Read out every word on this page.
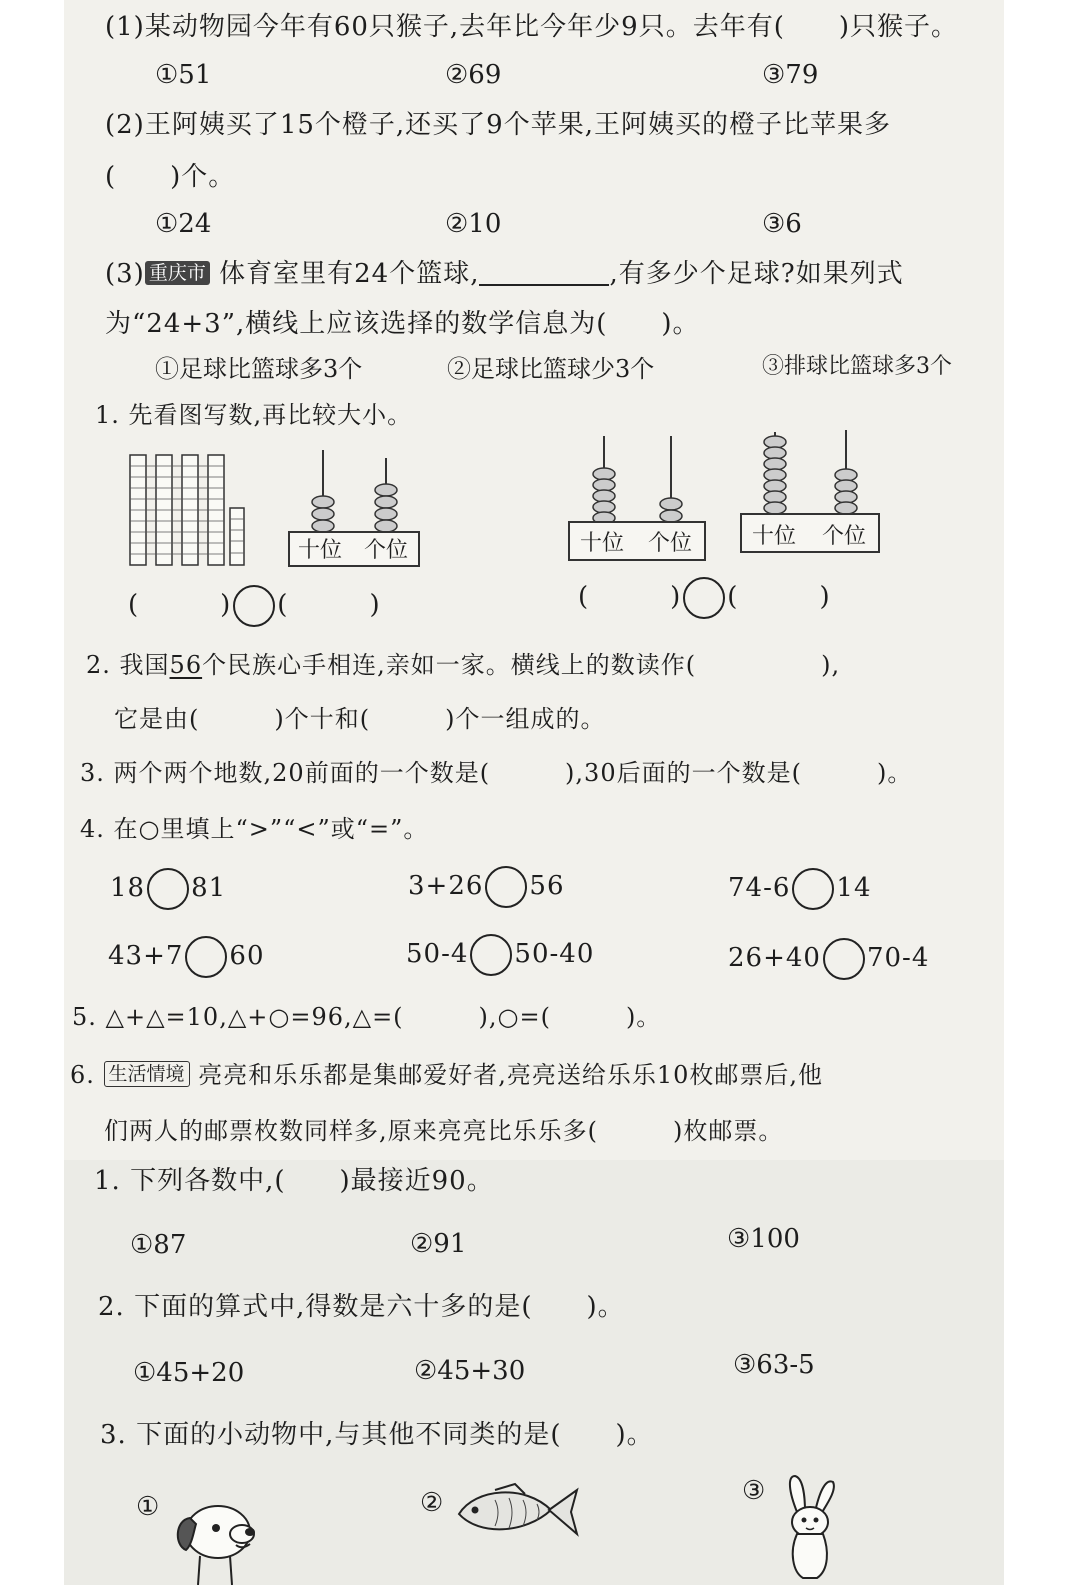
(1)某动物园今年有60只猴子,去年比今年少9只。去年有(　　)只猴子。
①51	②69	③79
(2)王阿姨买了15个橙子,还买了9个苹果,王阿姨买的橙子比苹果多
(　　)个。
①24	②10	③6
(3) 重庆市 体育室里有24个篮球,	,有多少个足球?如果列式
为“24+3”,横线上应该选择的数学信息为(　　)。
①足球比篮球多3个	②足球比篮球少3个	③排球比篮球多3个
1. 先看图写数,再比较大小。
十位 个位	十位 个位	十位 个位
(　　　) (　　　)	(　　　) (　　　)
2. 我国56个民族心手相连,亲如一家。横线上的数读作(　　　　　),
它是由(　　　)个十和(　　　)个一组成的。
3. 两个两个地数,20前面的一个数是(　　　),30后面的一个数是(　　　)。
4. 在○里填上“>”“<”或“=”。
18 81	3+26 56	74-6 14
43+7 60	50-4 50-40	26+40 70-4
5. △+△=10,△+○=96,△=(　　　),○=(　　　)。
6. 生活情境 亮亮和乐乐都是集邮爱好者,亮亮送给乐乐10枚邮票后,他
们两人的邮票枚数同样多,原来亮亮比乐乐多(　　　)枚邮票。
1. 下列各数中,(　　)最接近90。
①87	②91	③100
2. 下面的算式中,得数是六十多的是(　　)。
①45+20	②45+30	③63-5
3. 下面的小动物中,与其他不同类的是(　　)。
①	②	③
